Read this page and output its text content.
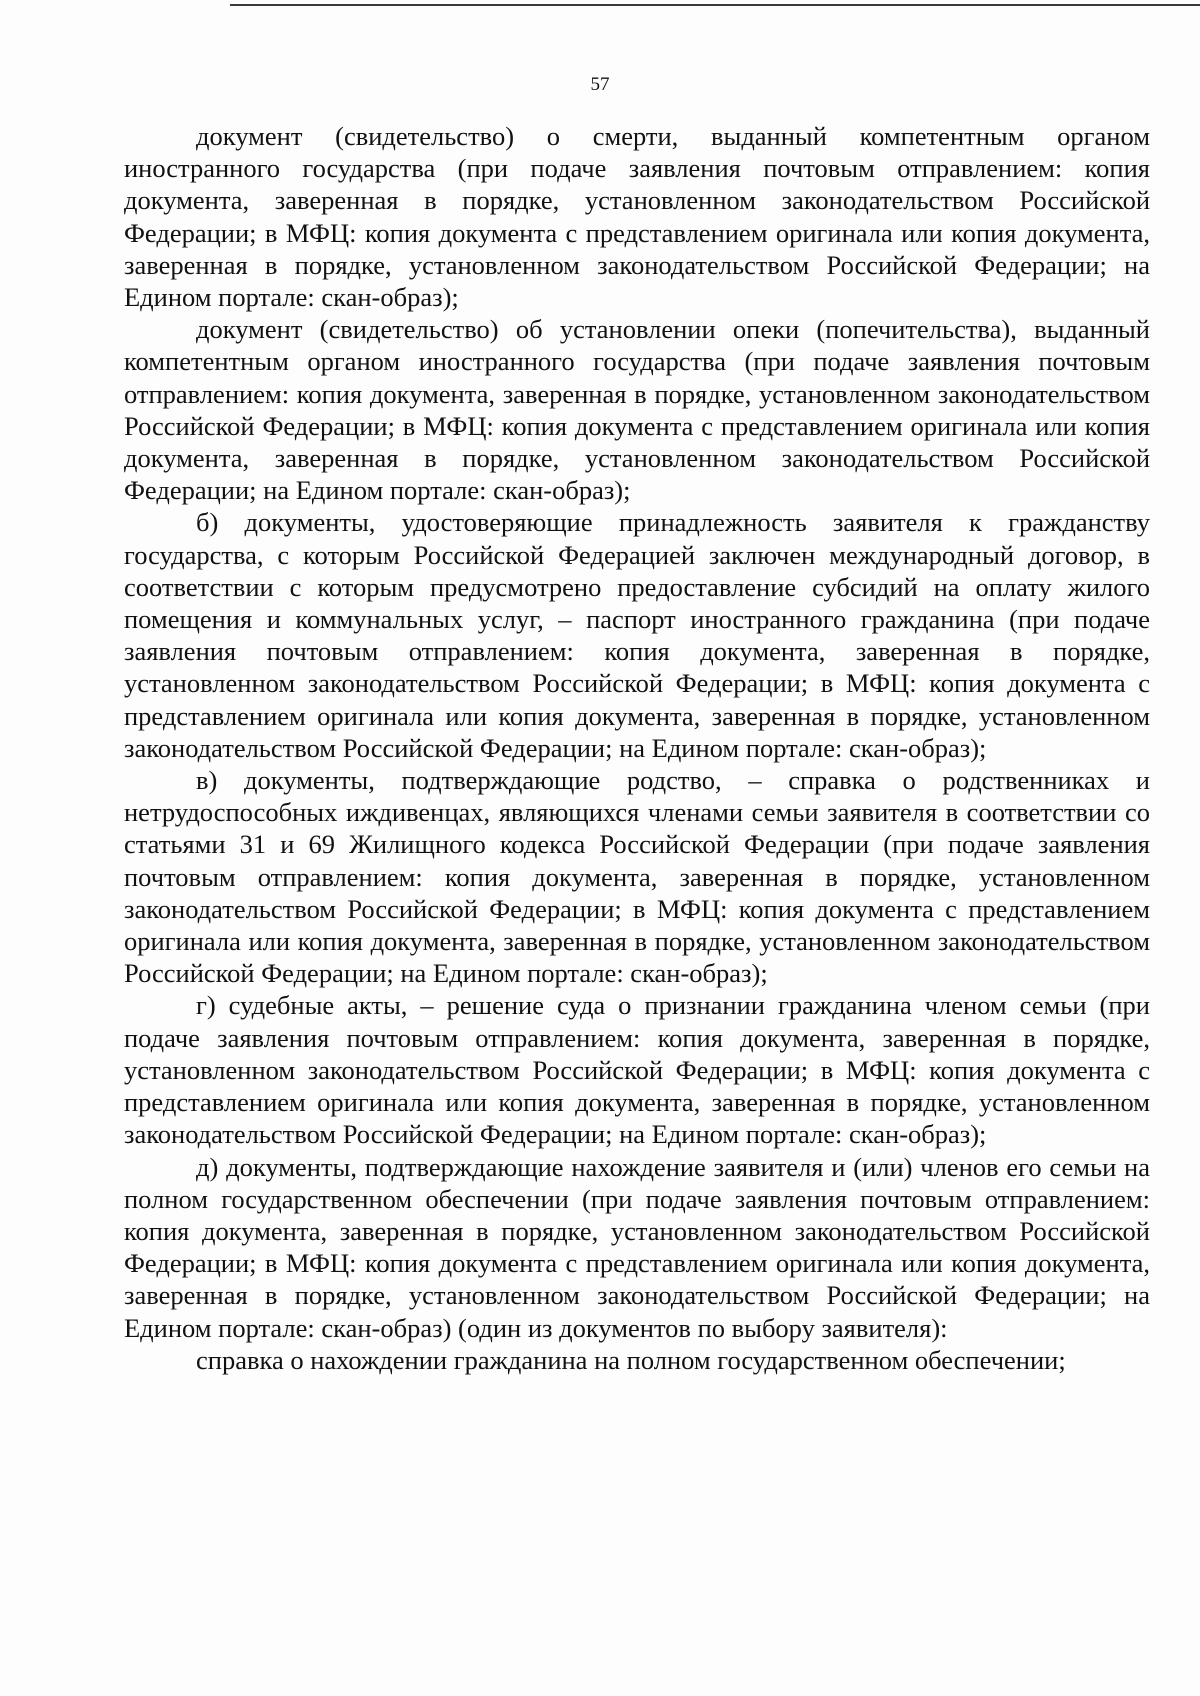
57

документ (свидетельство) о смерти, выданный компетентным органом иностранного государства (при подаче заявления почтовым отправлением: копия документа, заверенная в порядке, установленном законодательством Российской Федерации; в МФЦ: копия документа с представлением оригинала или копия документа, заверенная в порядке, установленном законодательством Российской Федерации; на Едином портале: скан-образ);

документ (свидетельство) об установлении опеки (попечительства), выданный компетентным органом иностранного государства (при подаче заявления почтовым отправлением: копия документа, заверенная в порядке, установленном законодательством Российской Федерации; в МФЦ: копия документа с представлением оригинала или копия документа, заверенная в порядке, установленном законодательством Российской Федерации; на Едином портале: скан-образ);

б) документы, удостоверяющие принадлежность заявителя к гражданству государства, с которым Российской Федерацией заключен международный договор, в соответствии с которым предусмотрено предоставление субсидий на оплату жилого помещения и коммунальных услуг, – паспорт иностранного гражданина (при подаче заявления почтовым отправлением: копия документа, заверенная в порядке, установленном законодательством Российской Федерации; в МФЦ: копия документа с представлением оригинала или копия документа, заверенная в порядке, установленном законодательством Российской Федерации; на Едином портале: скан-образ);

в) документы, подтверждающие родство, – справка о родственниках и нетрудоспособных иждивенцах, являющихся членами семьи заявителя в соответствии со статьями 31 и 69 Жилищного кодекса Российской Федерации (при подаче заявления почтовым отправлением: копия документа, заверенная в порядке, установленном законодательством Российской Федерации; в МФЦ: копия документа с представлением оригинала или копия документа, заверенная в порядке, установленном законодательством Российской Федерации; на Едином портале: скан-образ);

г) судебные акты, – решение суда о признании гражданина членом семьи (при подаче заявления почтовым отправлением: копия документа, заверенная в порядке, установленном законодательством Российской Федерации; в МФЦ: копия документа с представлением оригинала или копия документа, заверенная в порядке, установленном законодательством Российской Федерации; на Едином портале: скан-образ);

д) документы, подтверждающие нахождение заявителя и (или) членов его семьи на полном государственном обеспечении (при подаче заявления почтовым отправлением: копия документа, заверенная в порядке, установленном законодательством Российской Федерации; в МФЦ: копия документа с представлением оригинала или копия документа, заверенная в порядке, установленном законодательством Российской Федерации; на Едином портале: скан-образ) (один из документов по выбору заявителя):

справка о нахождении гражданина на полном государственном обеспечении;
